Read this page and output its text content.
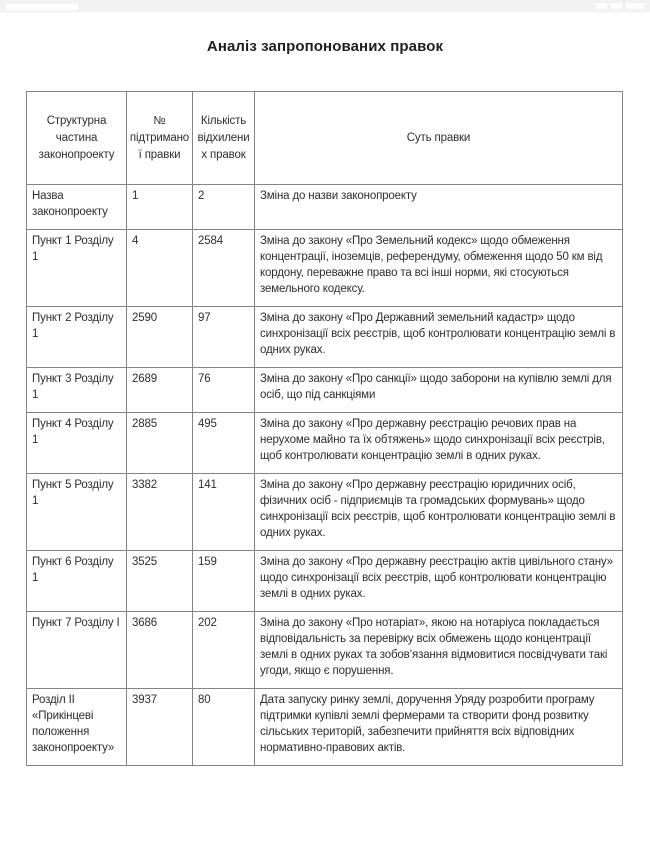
Аналіз запропонованих правок
Структурна частина законопроекту	№ підтриманої правки	Кількість відхилених правок	Суть правки
Назва законопроекту	1	2	Зміна до назви законопроекту
Пункт 1 Розділу 1	4	2584	Зміна до закону «Про Земельний кодекс» щодо обмеження концентрації, іноземців, референдуму, обмеження щодо 50 км від кордону, переважне право та всі інші норми, які стосуються земельного кодексу.
Пункт 2 Розділу 1	2590	97	Зміна до закону «Про Державний земельний кадастр» щодо синхронізації всіх реєстрів, щоб контролювати концентрацію землі в одних руках.
Пункт 3 Розділу 1	2689	76	Зміна до закону «Про санкції» щодо заборони на купівлю землі для осіб, що під санкціями
Пункт 4 Розділу 1	2885	495	Зміна до закону «Про державну реєстрацію речових прав на нерухоме майно та їх обтяжень» щодо синхронізації всіх реєстрів, щоб контролювати концентрацію землі в одних руках.
Пункт 5 Розділу 1	3382	141	Зміна до закону «Про державну реєстрацію юридичних осіб, фізичних осіб - підприємців та громадських формувань» щодо синхронізації всіх реєстрів, щоб контролювати концентрацію землі в одних руках.
Пункт 6 Розділу 1	3525	159	Зміна до закону «Про державну реєстрацію актів цивільного стану» щодо синхронізації всіх реєстрів, щоб контролювати концентрацію землі в одних руках.
Пункт 7 Розділу I	3686	202	Зміна до закону «Про нотаріат», якою на нотаріуса покладається відповідальність за перевірку всіх обмежень щодо концентрації землі в одних руках та зобов’язання відмовитися посвідчувати такі угоди, якщо є порушення.
Розділ II «Прикінцеві положення законопроекту»	3937	80	Дата запуску ринку землі, доручення Уряду розробити програму підтримки купівлі землі фермерами та створити фонд розвитку сільських територій, забезпечити прийняття всіх відповідних нормативно-правових актів.
